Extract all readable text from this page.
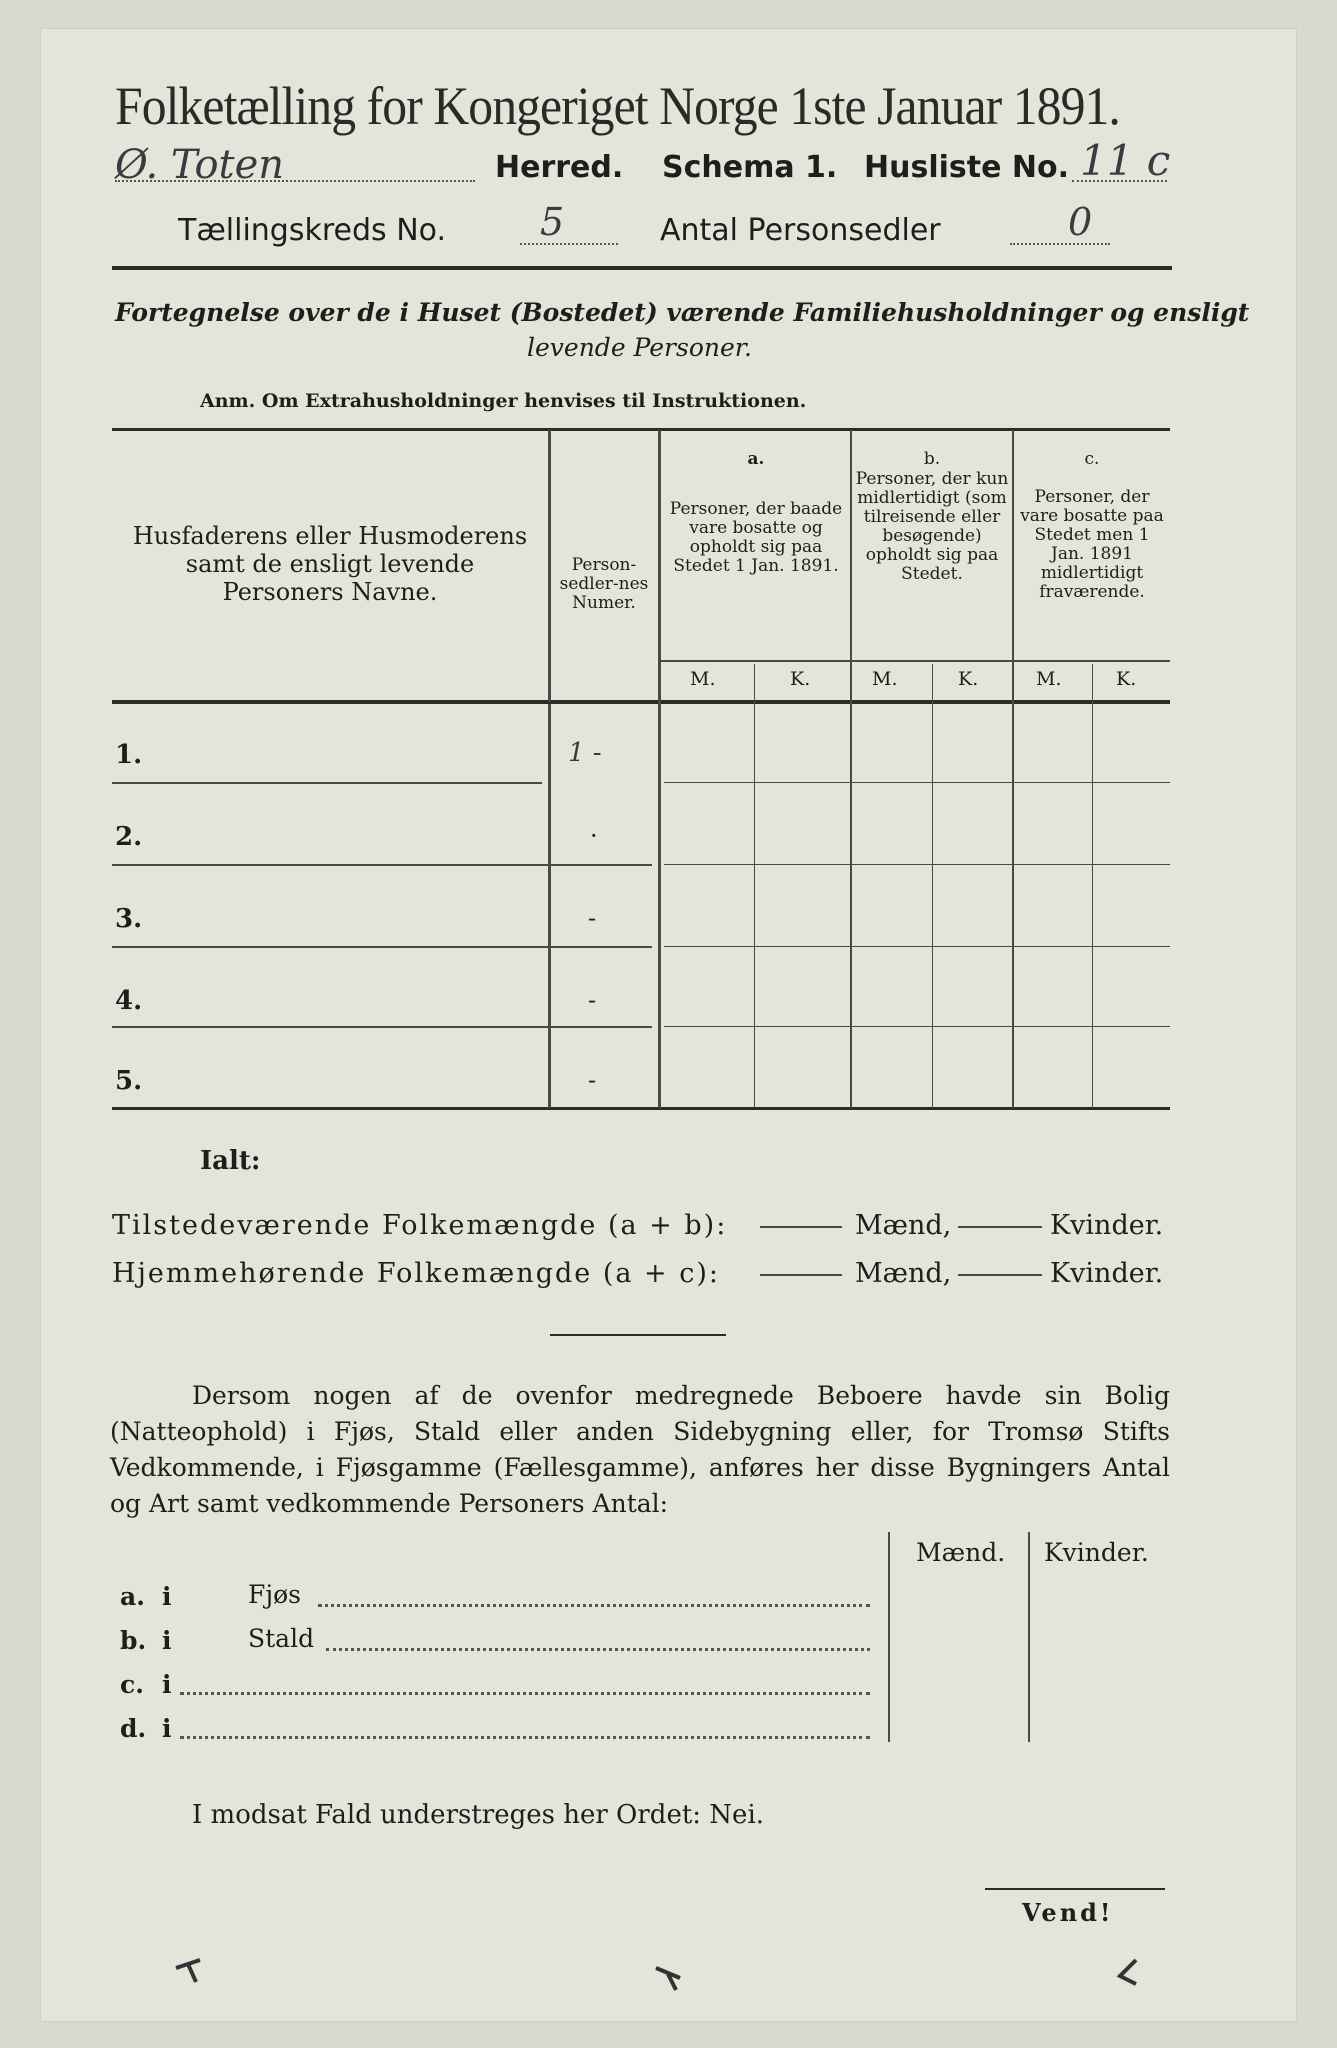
Folketælling for Kongeriget Norge 1ste Januar 1891.
Ø. Toten	Herred. Schema 1. Husliste No. 11 c
Tællingskreds No. 5	Antal Personsedler	0
Fortegnelse over de i Huset (Bostedet) værende Familiehusholdninger og ensligt
levende Personer.
Anm. Om Extrahusholdninger henvises til Instruktionen.
Husfaderens eller Husmoderens samt de ensligt levende Personers Navne.
Person-sedler-nes Numer.
a.
Personer, der baade vare bosatte og opholdt sig paa Stedet 1 Jan. 1891.
b.
Personer, der kun midlertidigt (som tilreisende eller besøgende) opholdt sig paa Stedet.
c.
Personer, der vare bosatte paa Stedet men 1 Jan. 1891 midlertidigt fraværende.
M.	K.	M.	K.	M.	K.
1.	1 -
2.	·
3.	-
4.	-
5.	-
Ialt:
Tilstedeværende Folkemængde (a + b):	Mænd,	Kvinder.
Hjemmehørende Folkemængde (a + c):	Mænd,	Kvinder.
Dersom nogen af de ovenfor medregnede Beboere havde sin Bolig (Natteophold) i Fjøs, Stald eller anden Sidebygning eller, for Tromsø Stifts Vedkommende, i Fjøsgamme (Fællesgamme), anføres her disse Bygningers Antal og Art samt vedkommende Personers Antal:
Mænd. Kvinder.
a. i	Fjøs
b. i	Stald
c. i
d. i
I modsat Fald understreges her Ordet: Nei.
Vend!
